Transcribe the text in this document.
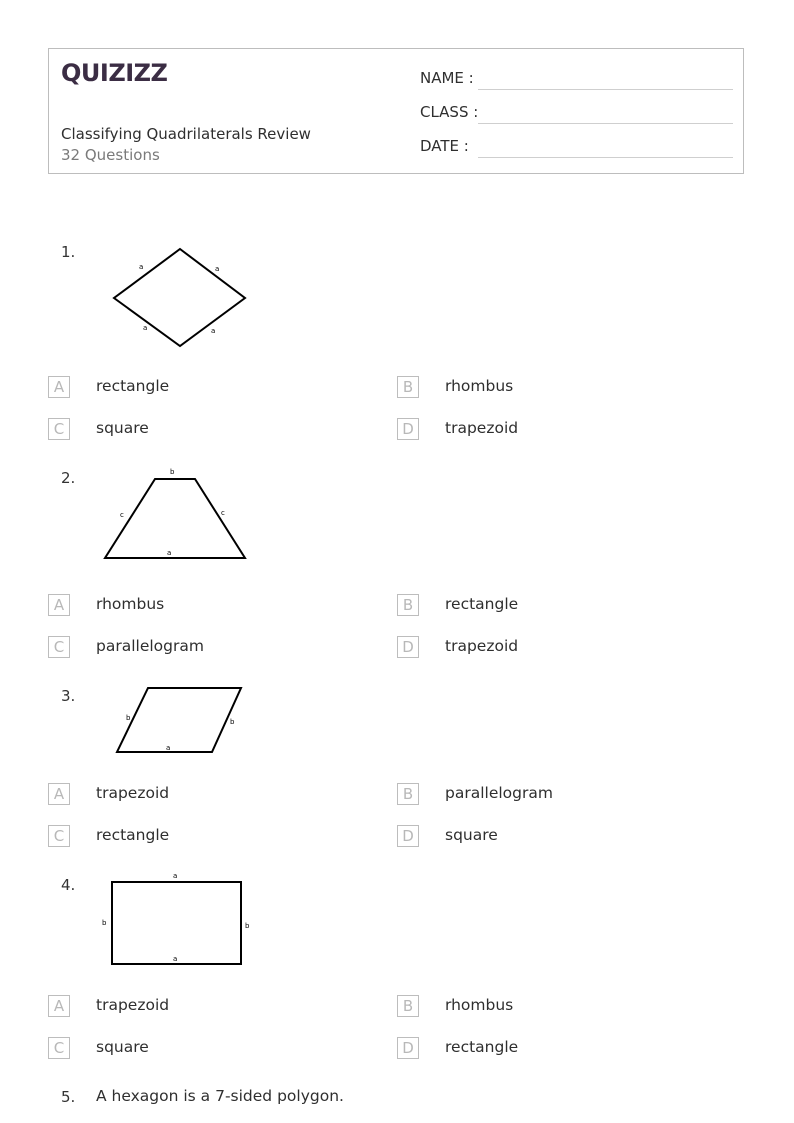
QUIZIZZ
Classifying Quadrilaterals Review
32 Questions
NAME :
CLASS :
DATE :
1.
a	a
a	a
A	rectangle	B	rhombus
C	square	D	trapezoid
2.	b
c	c
a
A	rhombus	B	rectangle
C	parallelogram	D	trapezoid
3.
b	b
a
A	trapezoid	B	parallelogram
C	rectangle	D	square
4.	a
b	b
a
A	trapezoid	B	rhombus
C	square	D	rectangle
5. A hexagon is a 7-sided polygon.
